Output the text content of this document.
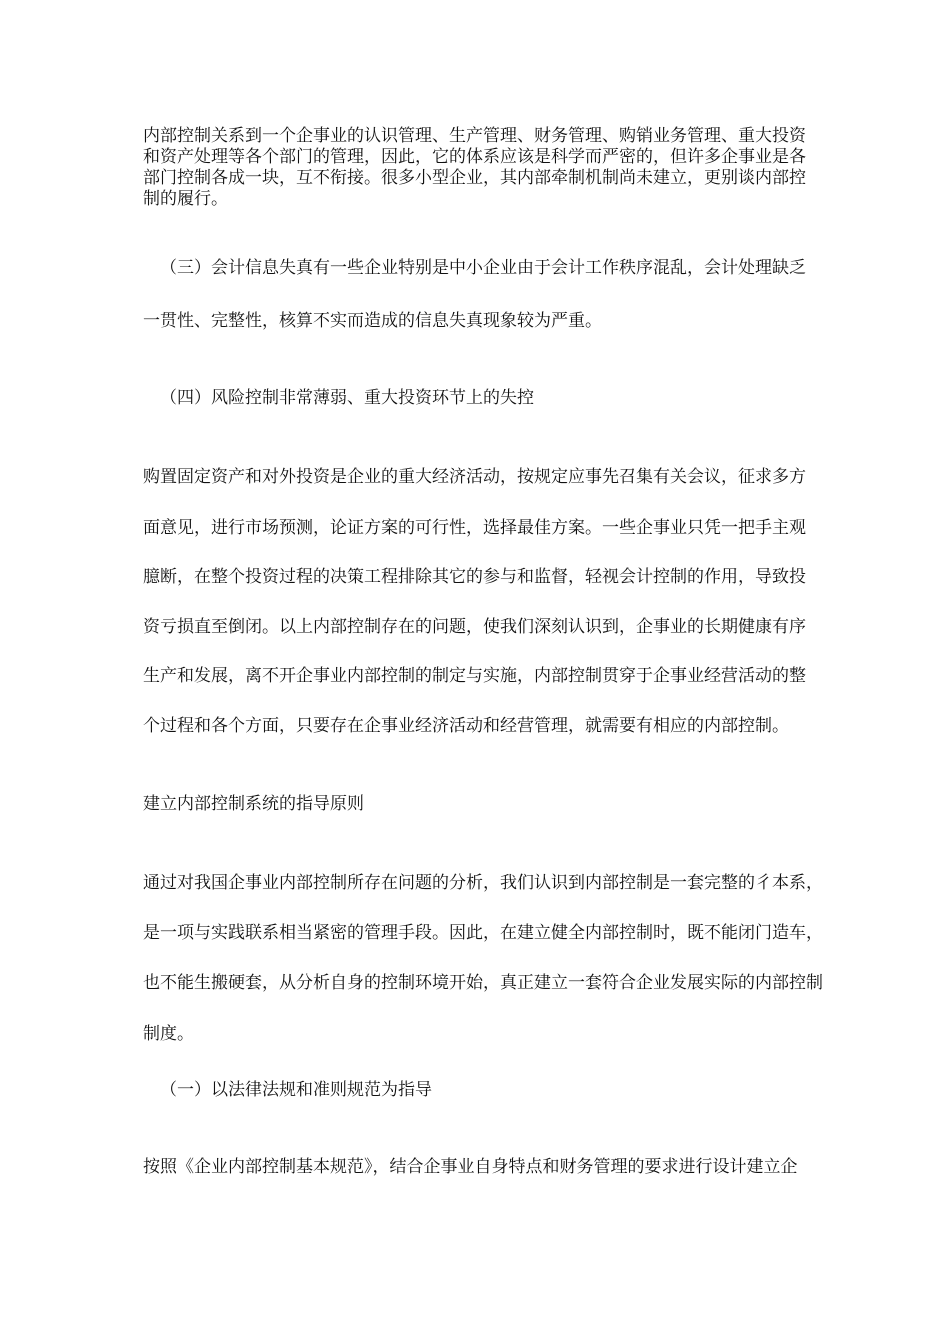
内部控制关系到一个企事业的认识管理、生产管理、财务管理、购销业务管理、重大投资
和资产处理等各个部门的管理，因此，它的体系应该是科学而严密的，但许多企事业是各
部门控制各成一块，互不衔接。很多小型企业，其内部牵制机制尚未建立，更别谈内部控
制的履行。
（三）会计信息失真有一些企业特别是中小企业由于会计工作秩序混乱，会计处理缺乏
一贯性、完整性，核算不实而造成的信息失真现象较为严重。
（四）风险控制非常薄弱、重大投资环节上的失控
购置固定资产和对外投资是企业的重大经济活动，按规定应事先召集有关会议，征求多方
面意见，进行市场预测，论证方案的可行性，选择最佳方案。一些企事业只凭一把手主观
臆断，在整个投资过程的决策工程排除其它的参与和监督，轻视会计控制的作用，导致投
资亏损直至倒闭。以上内部控制存在的问题，使我们深刻认识到，企事业的长期健康有序
生产和发展，离不开企事业内部控制的制定与实施，内部控制贯穿于企事业经营活动的整
个过程和各个方面，只要存在企事业经济活动和经营管理，就需要有相应的内部控制。
建立内部控制系统的指导原则
通过对我国企事业内部控制所存在问题的分析，我们认识到内部控制是一套完整的彳本系，
是一项与实践联系相当紧密的管理手段。因此，在建立健全内部控制时，既不能闭门造车，
也不能生搬硬套，从分析自身的控制环境开始，真正建立一套符合企业发展实际的内部控制
制度。
（一）以法律法规和准则规范为指导
按照《企业内部控制基本规范》，结合企事业自身特点和财务管理的要求进行设计建立企
